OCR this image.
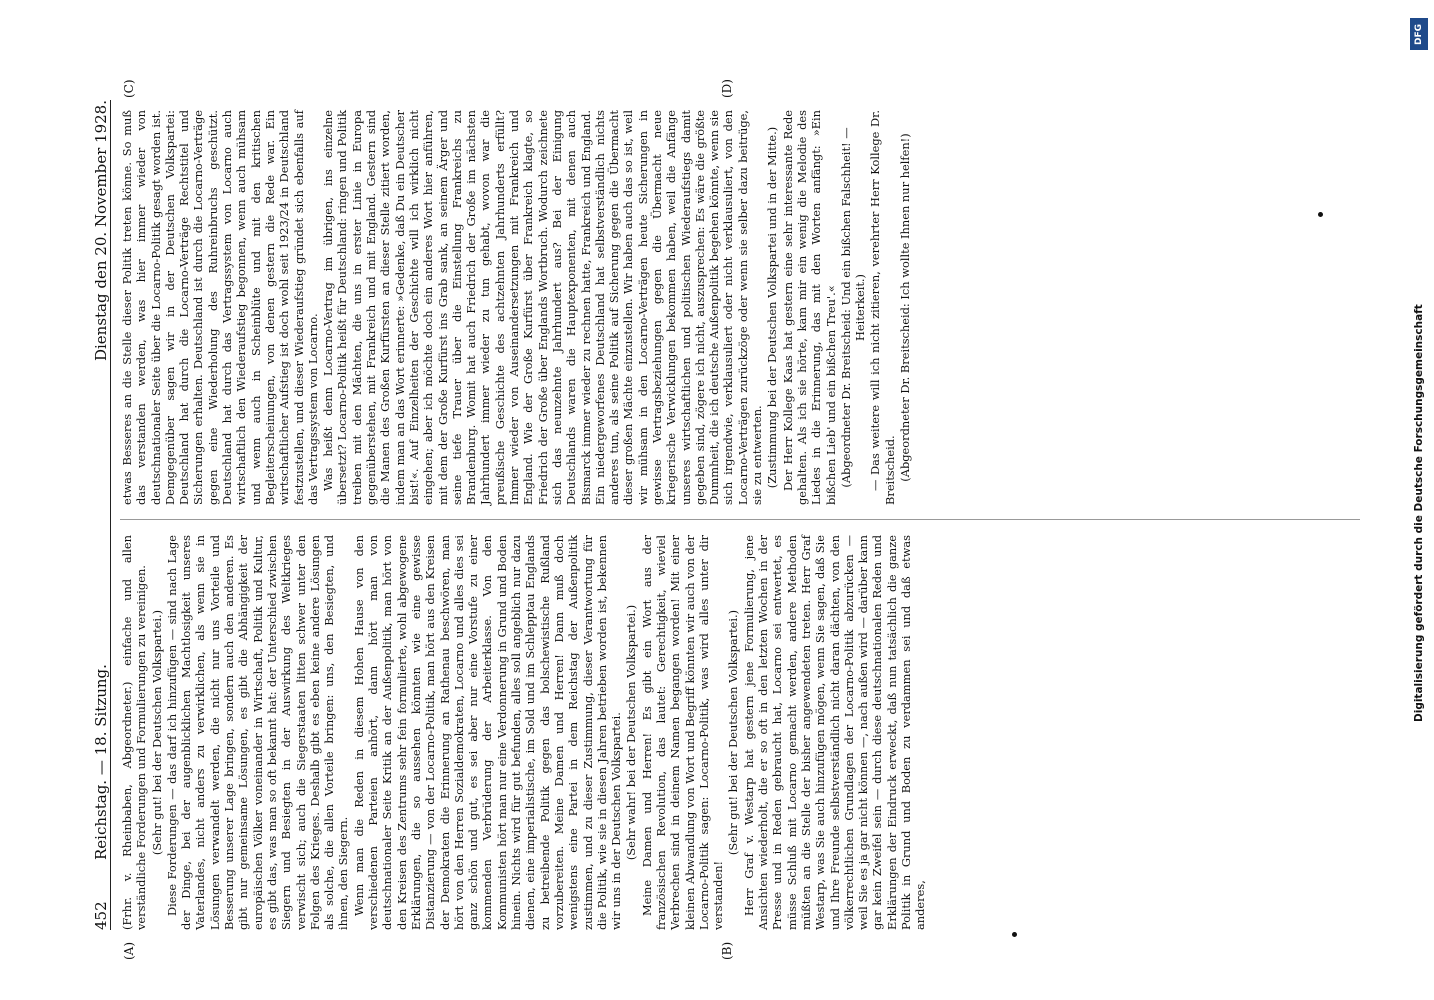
452
Reichstag. — 18. Sitzung.
Dienstag den 20. November 1928.

(Frhr. v. Rheinbaben, Abgeordneter.) einfache und allen verständliche Forderungen und Formulierungen zu vereinigen. (Sehr gut! bei der Deutschen Volkspartei.) Diese Forderungen — das darf ich hinzufügen — sind nach Lage der Dinge, bei der augenblicklichen Machtlosigkeit unseres Vaterlandes, nicht anders zu verwirklichen, als wenn sie in Lösungen verwandelt werden, die nicht nur uns Vorteile und Besserung unserer Lage bringen, sondern auch den anderen. Es gibt nur gemeinsame Lösungen, es gibt die Abhängigkeit der europäischen Völker voneinander in Wirtschaft, Politik und Kultur, es gibt das, was man so oft bekannt hat: der Unterschied zwischen Siegern und Besiegten in der Auswirkung des Weltkrieges verwischt sich; auch die Siegerstaaten litten schwer unter den Folgen des Krieges. Deshalb gibt es eben keine andere Lösungen als solche, die allen Vorteile bringen: uns, den Besiegten, und ihnen, den Siegern. Wenn man die Reden in diesem Hohen Hause von den verschiedenen Parteien anhört, dann hört man von deutschnationaler Seite Kritik an der Außenpolitik, man hört von den Kreisen des Zentrums sehr fein formulierte, wohl abgewogene Erklärungen, die so aussehen könnten wie eine gewisse Distanzierung — von der Locarno-Politik, man hört aus den Kreisen der Demokraten die Erinnerung an Rathenau beschwören, man hört von den Herren Sozialdemokraten, Locarno und alles dies sei ganz schön und gut, es sei aber nur eine Vorstufe zu einer kommenden Verbrüderung der Arbeiterklasse. Von den Kommunisten hört man nur eine Verdonnerung in Grund und Boden hinein. Nichts wird für gut befunden, alles soll angeblich nur dazu dienen, eine imperialistische, im Sold und im Schlepptau Englands zu betreibende Politik gegen das bolschewistische Rußland vorzubereiten. Meine Damen und Herren! Dann muß doch wenigstens eine Partei in dem Reichstag der Außenpolitik zustimmen, und zu dieser Zustimmung, dieser Verantwortung für die Politik, wie sie in diesen Jahren betrieben worden ist, bekennen wir uns in der Deutschen Volkspartei. (Sehr wahr! bei der Deutschen Volkspartei.) Meine Damen und Herren! Es gibt ein Wort aus der französischen Revolution, das lautet: Gerechtigkeit, wieviel Verbrechen sind in deinem Namen begangen worden! Mit einer kleinen Abwandlung von Wort und Begriff könnten wir auch von der Locarno-Politik sagen: Locarno-Politik, was wird alles unter dir verstanden!

(Sehr gut! bei der Deutschen Volkspartei.) Herr Graf v. Westarp hat gestern jene Formulierung, jene Ansichten wiederholt, die er so oft in den letzten Wochen in der Presse und in Reden gebraucht hat, Locarno sei entwertet, es müsse Schluß mit Locarno gemacht werden, andere Methoden müßten an die Stelle der bisher angewendeten treten. Herr Graf Westarp, was Sie auch hinzufügen mögen, wenn Sie sagen, daß Sie und Ihre Freunde selbstverständlich nicht daran dächten, von den völkerrechtlichen Grundlagen der Locarno-Politik abzurücken — weil Sie es ja gar nicht können —, nach außen wird — darüber kann gar kein Zweifel sein — durch diese deutschnationalen Reden und Erklärungen der Eindruck erweckt, daß nun tatsächlich die ganze Politik in Grund und Boden zu verdammen sei und daß etwas anderes,

etwas Besseres an die Stelle dieser Politik treten könne. So muß das verstanden werden, was hier immer wieder von deutschnationaler Seite über die Locarno-Politik gesagt worden ist. Demgegenüber sagen wir in der Deutschen Volkspartei: Deutschland hat durch die Locarno-Verträge Rechtstitel und Sicherungen erhalten. Deutschland ist durch die Locarno-Verträge gegen eine Wiederholung des Ruhreinbruchs geschützt. Deutschland hat durch das Vertragssystem von Locarno auch wirtschaftlich den Wiederaufstieg begonnen, wenn auch mühsam und wenn auch in Scheinblüte und mit den kritischen Begleiterscheinungen, von denen gestern die Rede war. Ein wirtschaftlicher Aufstieg ist doch wohl seit 1923/24 in Deutschland festzustellen, und dieser Wiederaufstieg gründet sich ebenfalls auf das Vertragssystem von Locarno. Was heißt denn Locarno-Vertrag im übrigen, ins einzelne übersetzt? Locarno-Politik heißt für Deutschland: ringen und Politik treiben mit den Mächten, die uns in erster Linie in Europa gegenüberstehen, mit Frankreich und mit England. Gestern sind die Manen des Großen Kurfürsten an dieser Stelle zitiert worden, indem man an das Wort erinnerte: »Gedenke, daß Du ein Deutscher bist!«. Auf Einzelheiten der Geschichte will ich wirklich nicht eingehen; aber ich möchte doch ein anderes Wort hier anführen, mit dem der Große Kurfürst ins Grab sank, an seinem Ärger und seine tiefe Trauer über die Einstellung Frankreichs zu Brandenburg. Womit hat auch Friedrich der Große im nächsten Jahrhundert immer wieder zu tun gehabt, wovon war die preußische Geschichte des achtzehnten Jahrhunderts erfüllt? Immer wieder von Auseinandersetzungen mit Frankreich und England. Wie der Große Kurfürst über Frankreich klagte, so Friedrich der Große über Englands Wortbruch. Wodurch zeichnete sich das neunzehnte Jahrhundert aus? Bei der Einigung Deutschlands waren die Hauptexponenten, mit denen auch Bismarck immer wieder zu rechnen hatte, Frankreich und England. Ein niedergeworfenes Deutschland hat selbstverständlich nichts anderes tun, als seine Politik auf Sicherung gegen die Übermacht dieser großen Mächte einzustellen. Wir haben auch das so ist, weil wir mühsam in den Locarno-Verträgen heute Sicherungen in gewisse Vertragsbeziehungen gegen die Übermacht neue kriegerische Verwicklungen bekommen haben, weil die Anfänge unseres wirtschaftlichen und politischen Wiederaufstiegs damit gegeben sind, zögere ich nicht, auszusprechen: Es wäre die größte Dummheit, die ich deutsche Außenpolitik begehen könnte, wenn sie sich irgendwie, verklausuliert oder nicht verklausuliert, von den Locarno-Verträgen zurückzöge oder wenn sie selber dazu beitrüge, sie zu entwerten. (Zustimmung bei der Deutschen Volkspartei und in der Mitte.) Der Herr Kollege Kaas hat gestern eine sehr interessante Rede gehalten. Als ich sie hörte, kam mir ein wenig die Melodie des Liedes in die Erinnerung, das mit den Worten anfängt: »Ein bißchen Lieb' und ein bißchen Treu'.« (Abgeordneter Dr. Breitscheid: Und ein bißchen Falschheit! — Heiterkeit.) — Das weitere will ich nicht zitieren, verehrter Herr Kollege Dr. Breitscheid. (Abgeordneter Dr. Breitscheid: Ich wollte Ihnen nur helfen!)

(A)	(B)
(C)	(D)
DFG
Digitalisierung gefördert durch die Deutsche Forschungsgemeinschaft
